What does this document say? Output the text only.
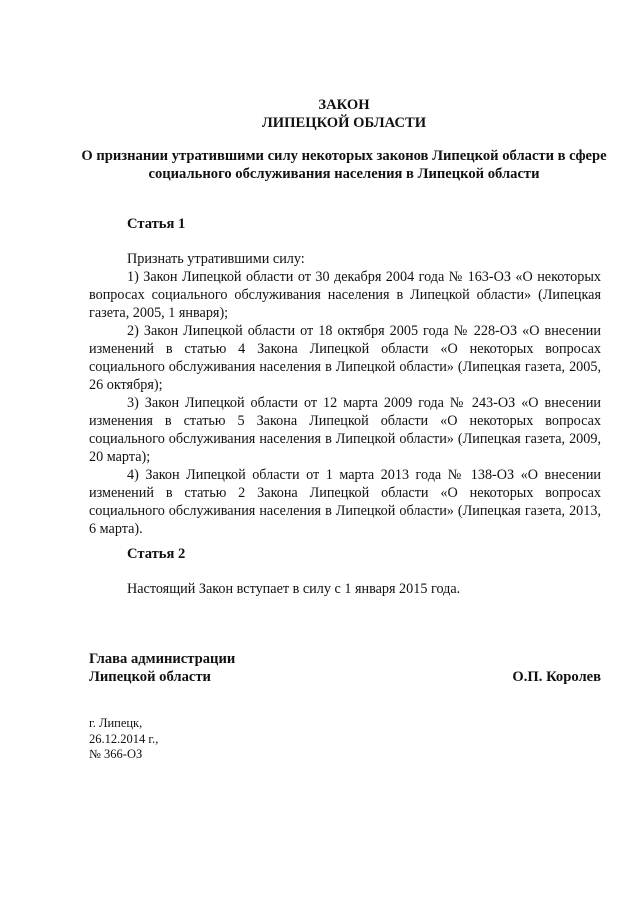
ЗАКОН
ЛИПЕЦКОЙ ОБЛАСТИ
О признании утратившими силу некоторых законов Липецкой области в сфере социального обслуживания населения в Липецкой области
Статья 1

Признать утратившими силу:

1) Закон Липецкой области от 30 декабря 2004 года № 163-ОЗ «О некоторых вопросах социального обслуживания населения в Липецкой области» (Липецкая газета, 2005, 1 января);

2) Закон Липецкой области от 18 октября 2005 года № 228-ОЗ «О внесении изменений в статью 4 Закона Липецкой области «О некоторых вопросах социального обслуживания населения в Липецкой области» (Липецкая газета, 2005, 26 октября);

3) Закон Липецкой области от 12 марта 2009 года № 243-ОЗ «О внесении изменения в статью 5 Закона Липецкой области «О некоторых вопросах социального обслуживания населения в Липецкой области» (Липецкая газета, 2009, 20 марта);

4) Закон Липецкой области от 1 марта 2013 года № 138-ОЗ «О внесении изменений в статью 2 Закона Липецкой области «О некоторых вопросах социального обслуживания населения в Липецкой области» (Липецкая газета, 2013, 6 марта).

Статья 2

Настоящий Закон вступает в силу с 1 января 2015 года.

Глава администрации
Липецкой области	О.П. Королев
г. Липецк,
26.12.2014 г.,
№ 366-ОЗ
